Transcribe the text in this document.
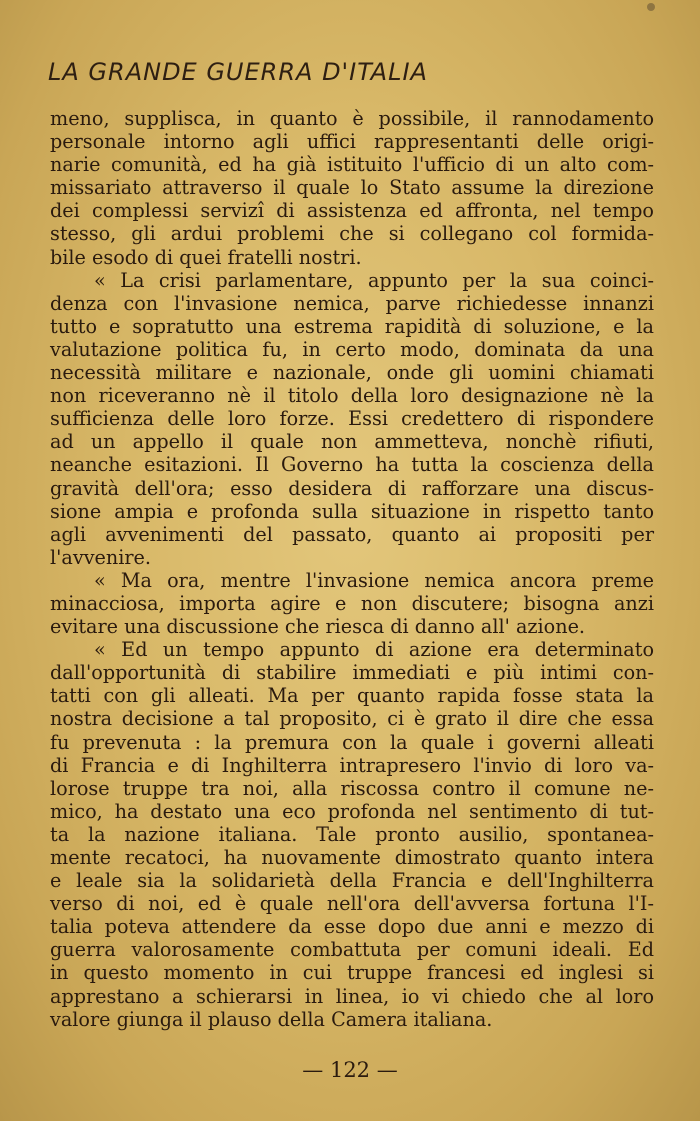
LA GRANDE GUERRA D'ITALIA
meno, supplisca, in quanto è possibile, il rannodamento
personale intorno agli uffici rappresentanti delle origi-
narie comunità, ed ha già istituito l'ufficio di un alto com-
missariato attraverso il quale lo Stato assume la direzione
dei complessi servizî di assistenza ed affronta, nel tempo
stesso, gli ardui problemi che si collegano col formida-
bile esodo di quei fratelli nostri.
« La crisi parlamentare, appunto per la sua coinci-
denza con l'invasione nemica, parve richiedesse innanzi
tutto e sopratutto una estrema rapidità di soluzione, e la
valutazione politica fu, in certo modo, dominata da una
necessità militare e nazionale, onde gli uomini chiamati
non riceveranno nè il titolo della loro designazione nè la
sufficienza delle loro forze. Essi credettero di rispondere
ad un appello il quale non ammetteva, nonchè rifiuti,
neanche esitazioni. Il Governo ha tutta la coscienza della
gravità dell'ora; esso desidera di rafforzare una discus-
sione ampia e profonda sulla situazione in rispetto tanto
agli avvenimenti del passato, quanto ai propositi per
l'avvenire.
« Ma ora, mentre l'invasione nemica ancora preme
minacciosa, importa agire e non discutere; bisogna anzi
evitare una discussione che riesca di danno all' azione.
« Ed un tempo appunto di azione era determinato
dall'opportunità di stabilire immediati e più intimi con-
tatti con gli alleati. Ma per quanto rapida fosse stata la
nostra decisione a tal proposito, ci è grato il dire che essa
fu prevenuta : la premura con la quale i governi alleati
di Francia e di Inghilterra intrapresero l'invio di loro va-
lorose truppe tra noi, alla riscossa contro il comune ne-
mico, ha destato una eco profonda nel sentimento di tut-
ta la nazione italiana. Tale pronto ausilio, spontanea-
mente recatoci, ha nuovamente dimostrato quanto intera
e leale sia la solidarietà della Francia e dell'Inghilterra
verso di noi, ed è quale nell'ora dell'avversa fortuna l'I-
talia poteva attendere da esse dopo due anni e mezzo di
guerra valorosamente combattuta per comuni ideali. Ed
in questo momento in cui truppe francesi ed inglesi si
apprestano a schierarsi in linea, io vi chiedo che al loro
valore giunga il plauso della Camera italiana.
— 122 —
